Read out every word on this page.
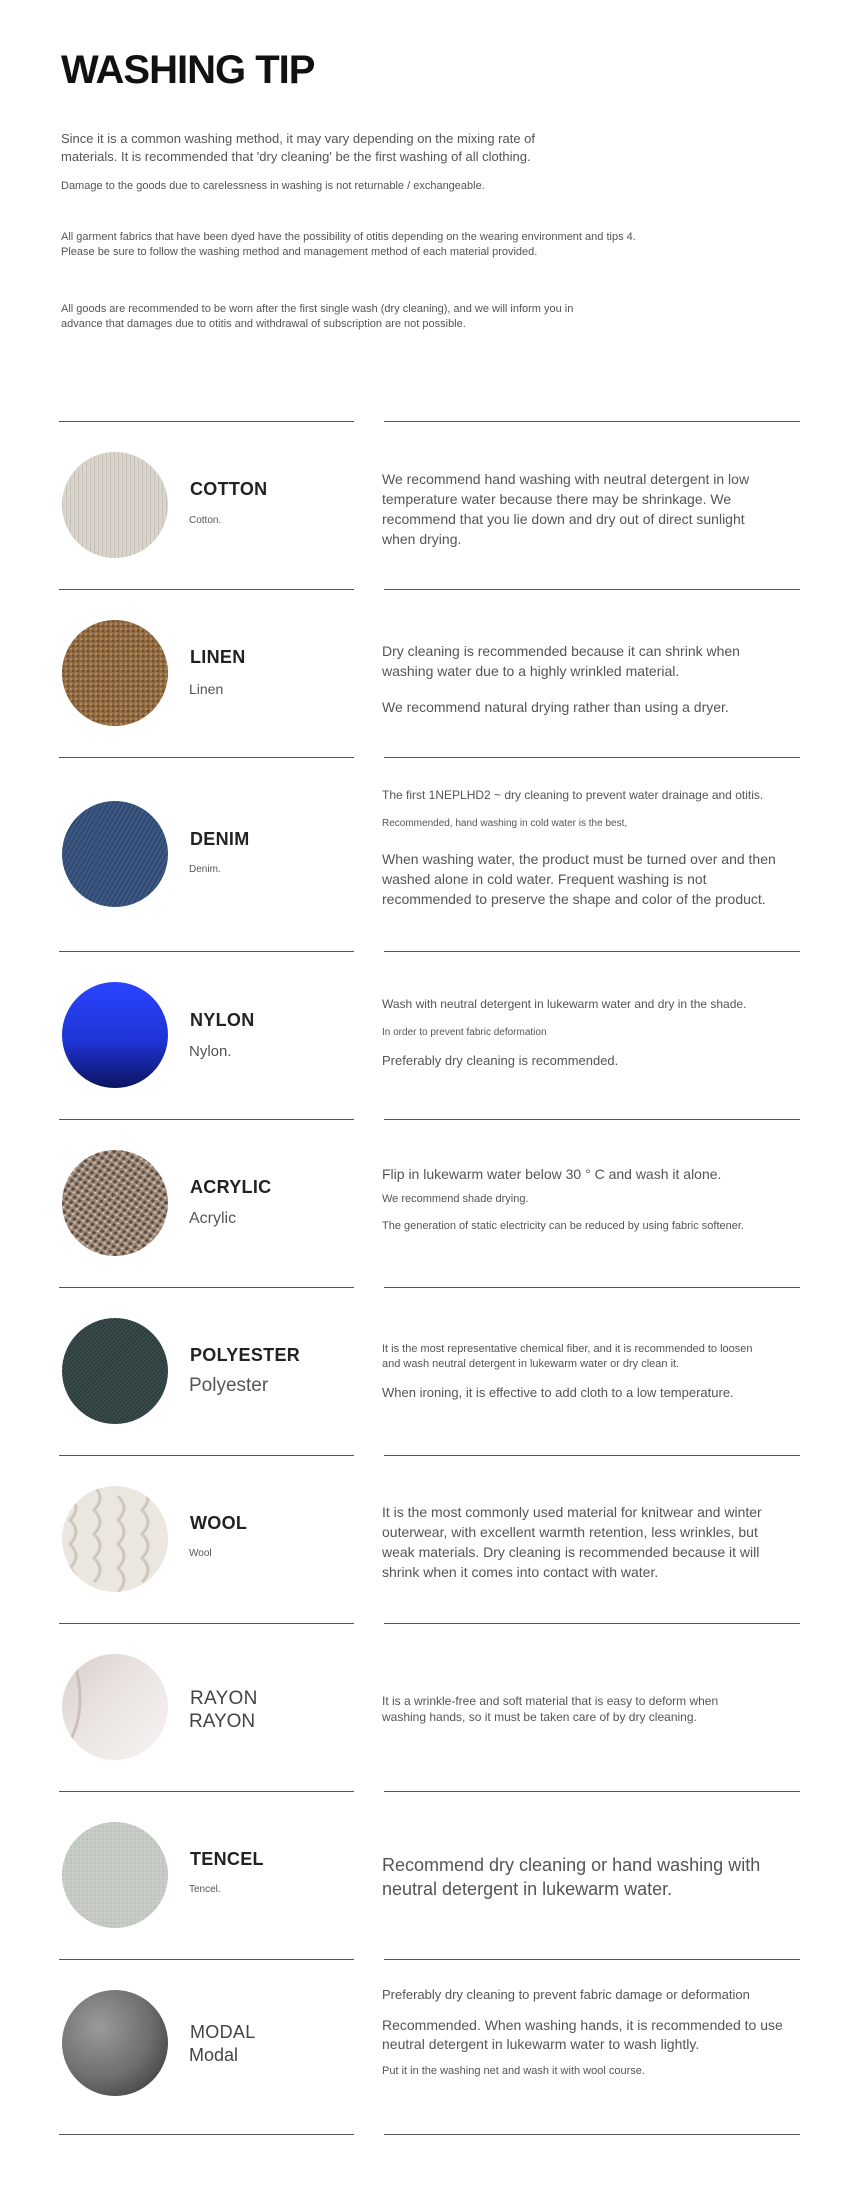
WASHING TIP
Since it is a common washing method, it may vary depending on the mixing rate of materials. It is recommended that 'dry cleaning' be the first washing of all clothing.
Damage to the goods due to carelessness in washing is not returnable / exchangeable.
All garment fabrics that have been dyed have the possibility of otitis depending on the wearing environment and tips 4. Please be sure to follow the washing method and management method of each material provided.
All goods are recommended to be worn after the first single wash (dry cleaning), and we will inform you in advance that damages due to otitis and withdrawal of subscription are not possible.
COTTON
Cotton.

We recommend hand washing with neutral detergent in low temperature water because there may be shrinkage. We recommend that you lie down and dry out of direct sunlight when drying.

LINEN
Linen

Dry cleaning is recommended because it can shrink when washing water due to a highly wrinkled material.

We recommend natural drying rather than using a dryer.

DENIM
Denim.

The first 1NEPLHD2 ~ dry cleaning to prevent water drainage and otitis.

Recommended, hand washing in cold water is the best,

When washing water, the product must be turned over and then washed alone in cold water. Frequent washing is not recommended to preserve the shape and color of the product.

NYLON
Nylon.

Wash with neutral detergent in lukewarm water and dry in the shade.

In order to prevent fabric deformation

Preferably dry cleaning is recommended.

ACRYLIC
Acrylic

Flip in lukewarm water below 30 ° C and wash it alone.

We recommend shade drying.

The generation of static electricity can be reduced by using fabric softener.

POLYESTER
Polyester

It is the most representative chemical fiber, and it is recommended to loosen and wash neutral detergent in lukewarm water or dry clean it.

When ironing, it is effective to add cloth to a low temperature.

WOOL
Wool

It is the most commonly used material for knitwear and winter outerwear, with excellent warmth retention, less wrinkles, but weak materials. Dry cleaning is recommended because it will shrink when it comes into contact with water.

RAYON
RAYON

It is a wrinkle-free and soft material that is easy to deform when washing hands, so it must be taken care of by dry cleaning.

TENCEL
Tencel.

Recommend dry cleaning or hand washing with neutral detergent in lukewarm water.

MODAL
Modal

Preferably dry cleaning to prevent fabric damage or deformation

Recommended. When washing hands, it is recommended to use neutral detergent in lukewarm water to wash lightly.

Put it in the washing net and wash it with wool course.
